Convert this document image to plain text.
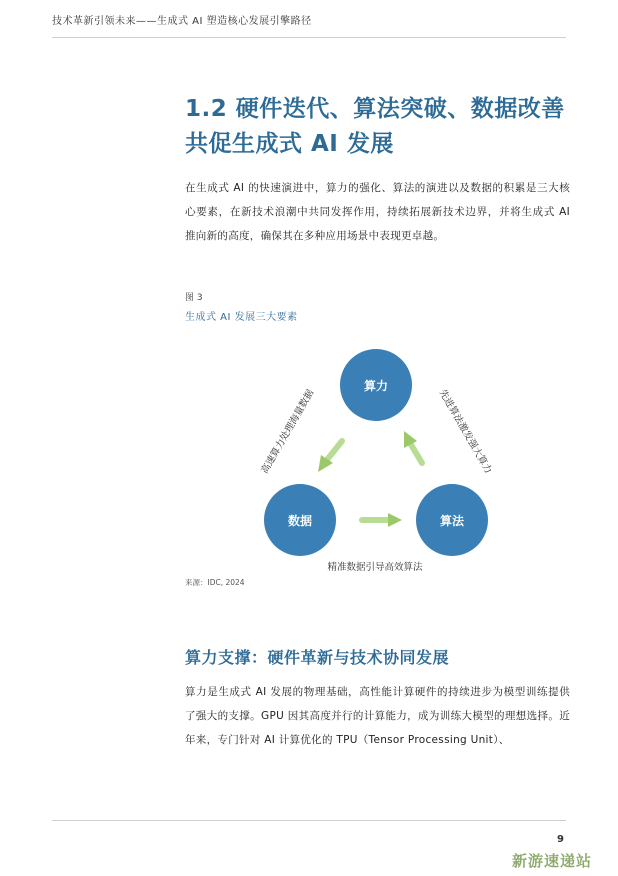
技术革新引领未来——生成式 AI 塑造核心发展引擎路径
1.2 硬件迭代、算法突破、数据改善
共促生成式 AI 发展

在生成式 AI 的快速演进中，算力的强化、算法的演进以及数据的积累是三大核心要素，在新技术浪潮中共同发挥作用，持续拓展新技术边界，并将生成式 AI 推向新的高度，确保其在多种应用场景中表现更卓越。

图 3
生成式 AI 发展三大要素
算力
数据	算法
高速算力处理海量数据	先进算法激发强大算力
精准数据引导高效算法
来源：IDC, 2024
算力支撑：硬件革新与技术协同发展

算力是生成式 AI 发展的物理基础，高性能计算硬件的持续进步为模型训练提供了强大的支撑。GPU 因其高度并行的计算能力，成为训练大模型的理想选择。近年来，专门针对 AI 计算优化的 TPU（Tensor Processing Unit）、

9
新游速递站
